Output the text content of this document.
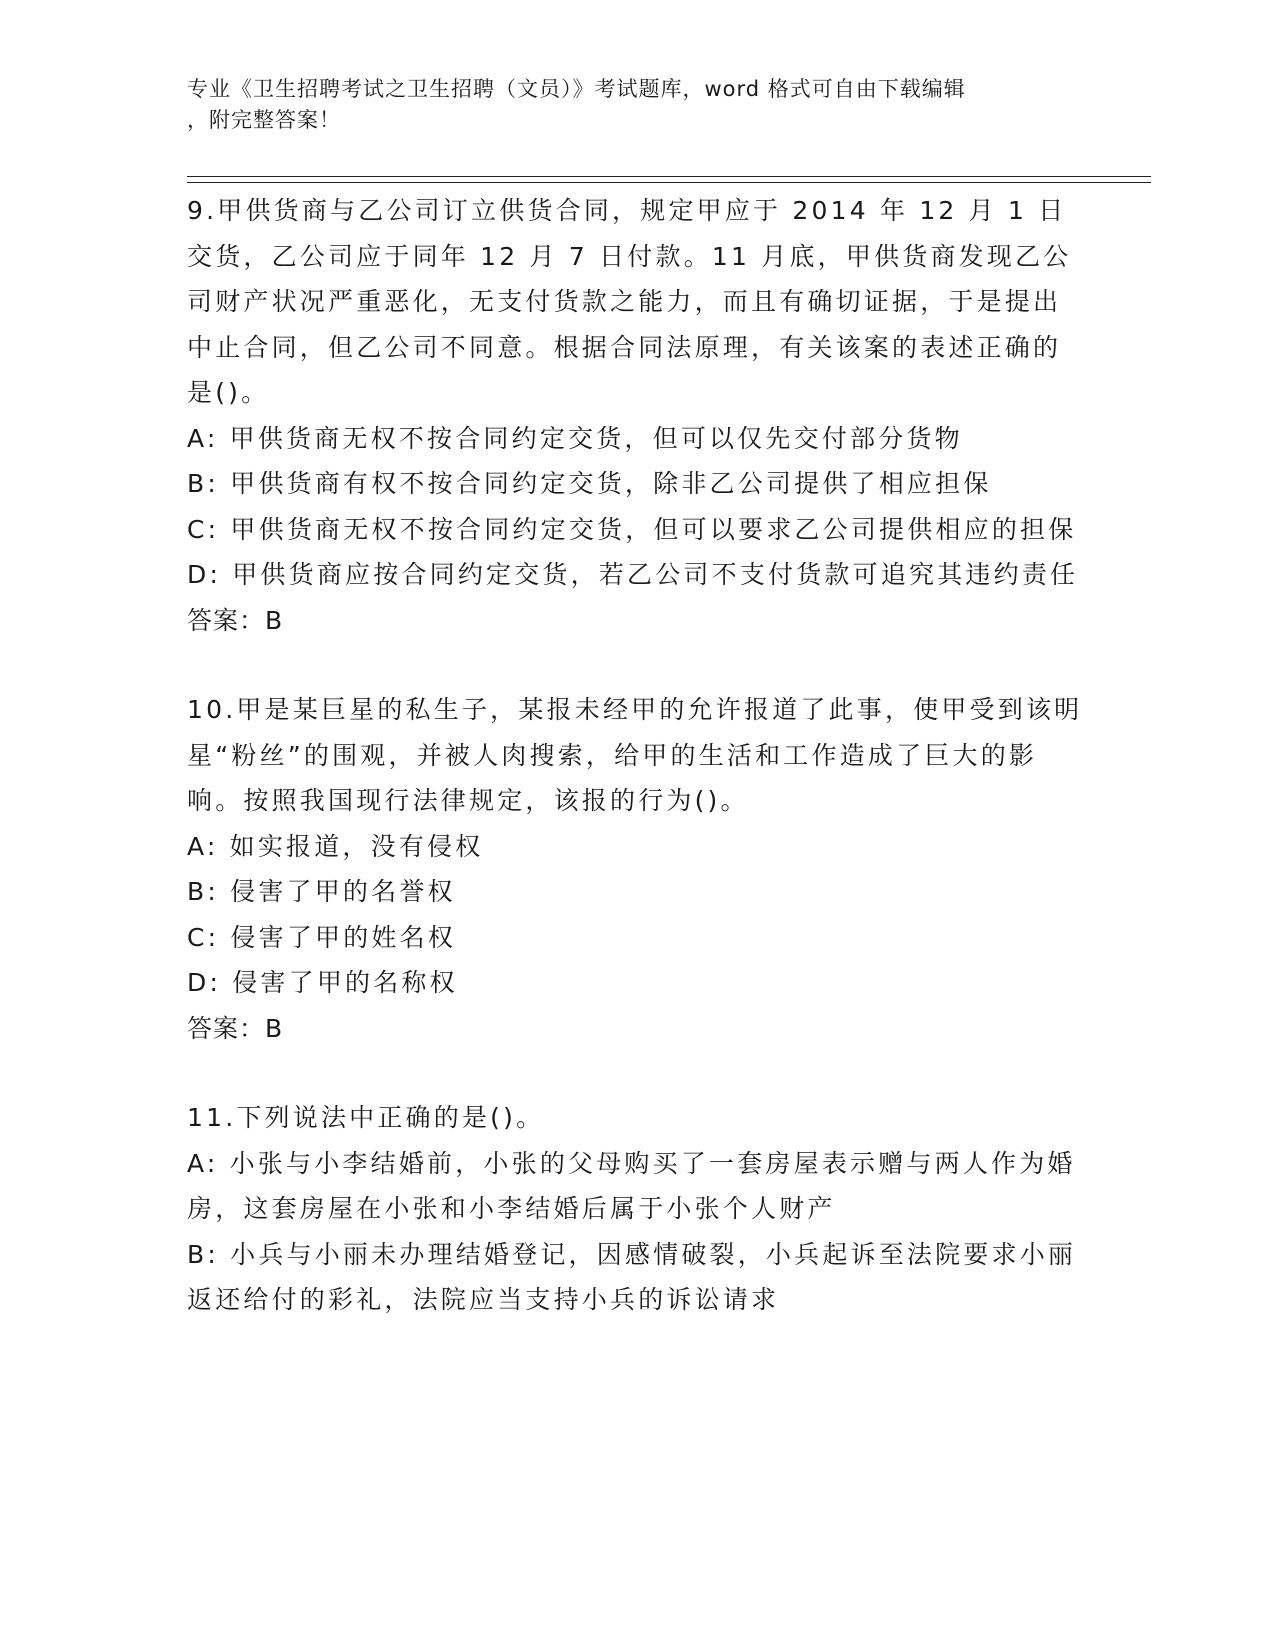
专业《卫生招聘考试之卫生招聘（文员）》考试题库，word 格式可自由下载编辑
，附完整答案！

9.甲供货商与乙公司订立供货合同，规定甲应于 2014 年 12 月 1 日交货，乙公司应于同年 12 月 7 日付款。11 月底，甲供货商发现乙公司财产状况严重恶化，无支付货款之能力，而且有确切证据，于是提出中止合同，但乙公司不同意。根据合同法原理，有关该案的表述正确的是()。

A: 甲供货商无权不按合同约定交货，但可以仅先交付部分货物

B: 甲供货商有权不按合同约定交货，除非乙公司提供了相应担保

C: 甲供货商无权不按合同约定交货，但可以要求乙公司提供相应的担保

D: 甲供货商应按合同约定交货，若乙公司不支付货款可追究其违约责任

答案：B

10.甲是某巨星的私生子，某报未经甲的允许报道了此事，使甲受到该明星“粉丝”的围观，并被人肉搜索，给甲的生活和工作造成了巨大的影响。按照我国现行法律规定，该报的行为()。

A: 如实报道，没有侵权

B: 侵害了甲的名誉权

C: 侵害了甲的姓名权

D: 侵害了甲的名称权

答案：B

11.下列说法中正确的是()。

A: 小张与小李结婚前，小张的父母购买了一套房屋表示赠与两人作为婚房，这套房屋在小张和小李结婚后属于小张个人财产

B: 小兵与小丽未办理结婚登记，因感情破裂，小兵起诉至法院要求小丽返还给付的彩礼，法院应当支持小兵的诉讼请求
